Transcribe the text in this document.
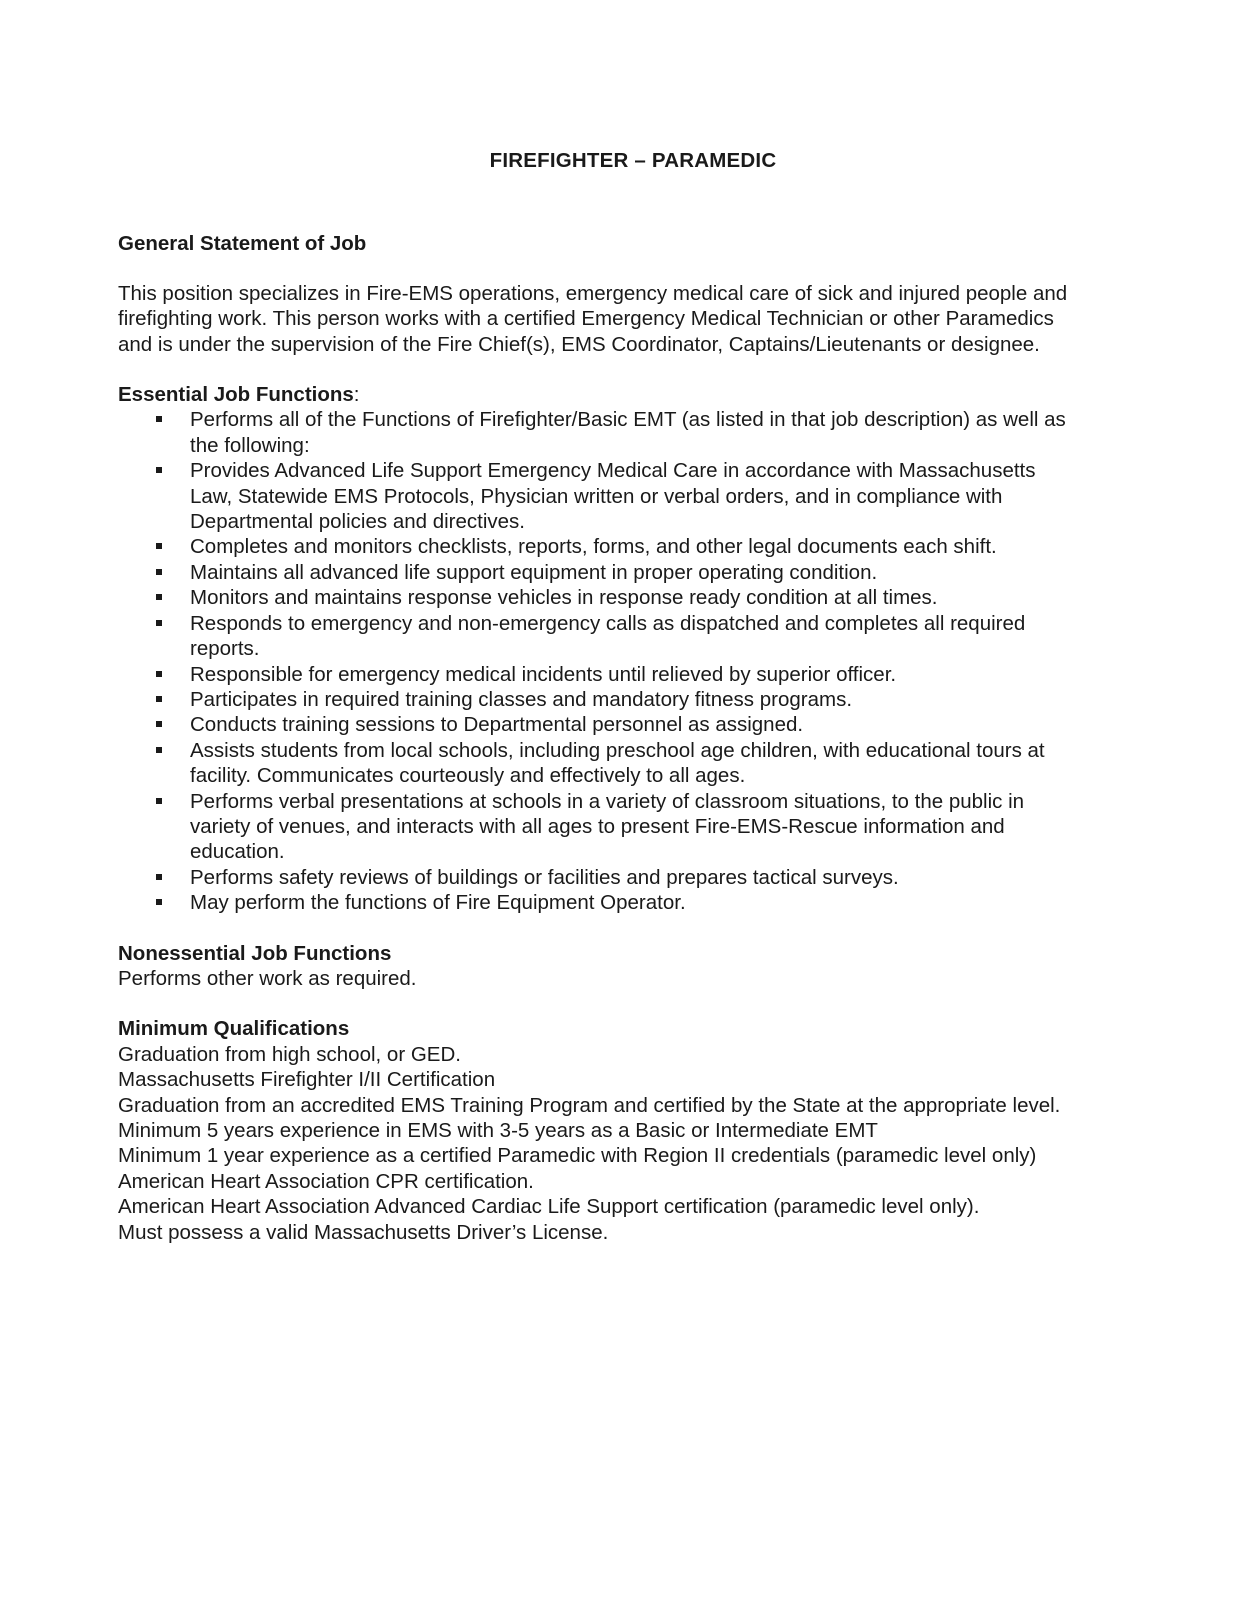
FIREFIGHTER – PARAMEDIC

General Statement of Job

This position specializes in Fire-EMS operations, emergency medical care of sick and injured people and firefighting work. This person works with a certified Emergency Medical Technician or other Paramedics and is under the supervision of the Fire Chief(s), EMS Coordinator, Captains/Lieutenants or designee.

Essential Job Functions:

Performs all of the Functions of Firefighter/Basic EMT (as listed in that job description) as well as the following:
Provides Advanced Life Support Emergency Medical Care in accordance with Massachusetts Law, Statewide EMS Protocols, Physician written or verbal orders, and in compliance with Departmental policies and directives.
Completes and monitors checklists, reports, forms, and other legal documents each shift.
Maintains all advanced life support equipment in proper operating condition.
Monitors and maintains response vehicles in response ready condition at all times.
Responds to emergency and non-emergency calls as dispatched and completes all required reports.
Responsible for emergency medical incidents until relieved by superior officer.
Participates in required training classes and mandatory fitness programs.
Conducts training sessions to Departmental personnel as assigned.
Assists students from local schools, including preschool age children, with educational tours at facility. Communicates courteously and effectively to all ages.
Performs verbal presentations at schools in a variety of classroom situations, to the public in variety of venues, and interacts with all ages to present Fire-EMS-Rescue information and education.
Performs safety reviews of buildings or facilities and prepares tactical surveys.
May perform the functions of Fire Equipment Operator.

Nonessential Job Functions

Performs other work as required.

Minimum Qualifications

Graduation from high school, or GED.

Massachusetts Firefighter I/II Certification

Graduation from an accredited EMS Training Program and certified by the State at the appropriate level.

Minimum 5 years experience in EMS with 3-5 years as a Basic or Intermediate EMT

Minimum 1 year experience as a certified Paramedic with Region II credentials (paramedic level only)

American Heart Association CPR certification.

American Heart Association Advanced Cardiac Life Support certification (paramedic level only).

Must possess a valid Massachusetts Driver’s License.
